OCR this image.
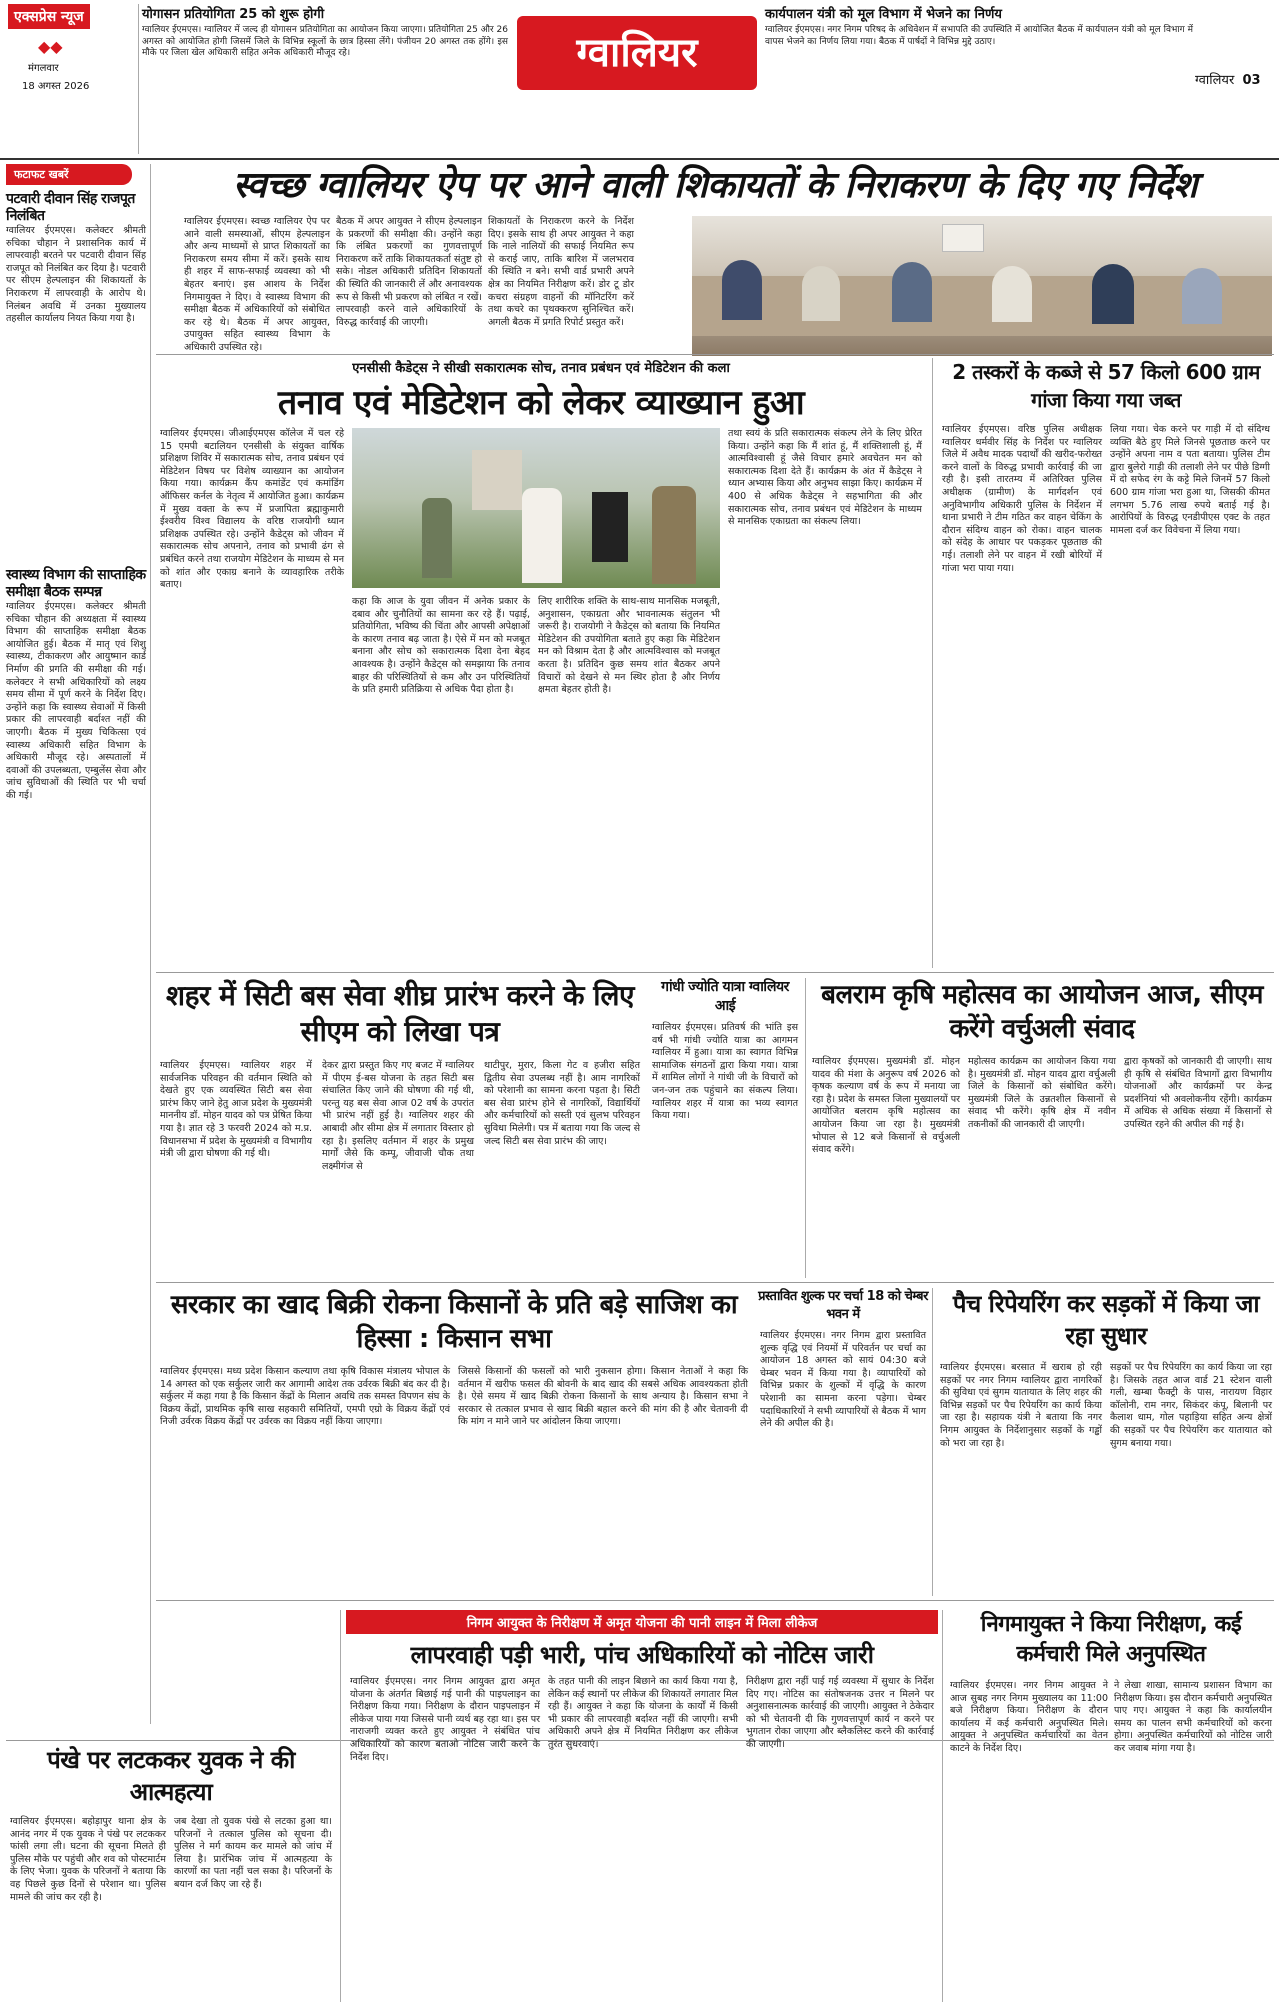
एक्सप्रेस न्यूज
◆◆
मंगलवार
18 अगस्त 2026
योगासन प्रतियोगिता 25 को शुरू होगी
ग्वालियर ईएमएस। ग्वालियर में जल्द ही योगासन प्रतियोगिता का आयोजन किया जाएगा। प्रतियोगिता 25 और 26 अगस्त को आयोजित होगी जिसमें जिले के विभिन्न स्कूलों के छात्र हिस्सा लेंगे। पंजीयन 20 अगस्त तक होंगे। इस मौके पर जिला खेल अधिकारी सहित अनेक अधिकारी मौजूद रहे।	ग्वालियर
कार्यपालन यंत्री को मूल विभाग में भेजने का निर्णय
ग्वालियर ईएमएस। नगर निगम परिषद के अधिवेशन में सभापति की उपस्थिति में आयोजित बैठक में कार्यपालन यंत्री को मूल विभाग में वापस भेजने का निर्णय लिया गया। बैठक में पार्षदों ने विभिन्न मुद्दे उठाए।
ग्वालियर 03
फटाफट खबरें
पटवारी दीवान सिंह राजपूत निलंबित
ग्वालियर ईएमएस। कलेक्टर श्रीमती रुचिका चौहान ने प्रशासनिक कार्य में लापरवाही बरतने पर पटवारी दीवान सिंह राजपूत को निलंबित कर दिया है। पटवारी पर सीएम हेल्पलाइन की शिकायतों के निराकरण में लापरवाही के आरोप थे। निलंबन अवधि में उनका मुख्यालय तहसील कार्यालय नियत किया गया है।
स्वास्थ्य विभाग की साप्ताहिक समीक्षा बैठक सम्पन्न
ग्वालियर ईएमएस। कलेक्टर श्रीमती रुचिका चौहान की अध्यक्षता में स्वास्थ्य विभाग की साप्ताहिक समीक्षा बैठक आयोजित हुई। बैठक में मातृ एवं शिशु स्वास्थ्य, टीकाकरण और आयुष्मान कार्ड निर्माण की प्रगति की समीक्षा की गई। कलेक्टर ने सभी अधिकारियों को लक्ष्य समय सीमा में पूर्ण करने के निर्देश दिए। उन्होंने कहा कि स्वास्थ्य सेवाओं में किसी प्रकार की लापरवाही बर्दाश्त नहीं की जाएगी। बैठक में मुख्य चिकित्सा एवं स्वास्थ्य अधिकारी सहित विभाग के अधिकारी मौजूद रहे। अस्पतालों में दवाओं की उपलब्धता, एम्बुलेंस सेवा और जांच सुविधाओं की स्थिति पर भी चर्चा की गई।
स्वच्छ ग्वालियर ऐप पर आने वाली शिकायतों के निराकरण के दिए गए निर्देश
ग्वालियर ईएमएस। स्वच्छ ग्वालियर ऐप पर आने वाली समस्याओं, सीएम हेल्पलाइन और अन्य माध्यमों से प्राप्त शिकायतों का निराकरण समय सीमा में करें। इसके साथ ही शहर में साफ-सफाई व्यवस्था को भी बेहतर बनाएं। इस आशय के निर्देश निगमायुक्त ने दिए। वे स्वास्थ्य विभाग की समीक्षा बैठक में अधिकारियों को संबोधित कर रहे थे। बैठक में अपर आयुक्त, उपायुक्त सहित स्वास्थ्य विभाग के अधिकारी उपस्थित रहे।
बैठक में अपर आयुक्त ने सीएम हेल्पलाइन के प्रकरणों की समीक्षा की। उन्होंने कहा कि लंबित प्रकरणों का गुणवत्तापूर्ण निराकरण करें ताकि शिकायतकर्ता संतुष्ट हो सके। नोडल अधिकारी प्रतिदिन शिकायतों की स्थिति की जानकारी लें और अनावश्यक रूप से किसी भी प्रकरण को लंबित न रखें। लापरवाही करने वाले अधिकारियों के विरुद्ध कार्रवाई की जाएगी।
शिकायतों के निराकरण करने के निर्देश दिए। इसके साथ ही अपर आयुक्त ने कहा कि नाले नालियों की सफाई नियमित रूप से कराई जाए, ताकि बारिश में जलभराव की स्थिति न बने। सभी वार्ड प्रभारी अपने क्षेत्र का नियमित निरीक्षण करें। डोर टू डोर कचरा संग्रहण वाहनों की मॉनिटरिंग करें तथा कचरे का पृथक्करण सुनिश्चित करें। अगली बैठक में प्रगति रिपोर्ट प्रस्तुत करें।
एनसीसी कैडेट्स ने सीखी सकारात्मक सोच, तनाव प्रबंधन एवं मेडिटेशन की कला
तनाव एवं मेडिटेशन को लेकर व्याख्यान हुआ
ग्वालियर ईएमएस। जीआईएमएस कॉलेज में चल रहे 15 एमपी बटालियन एनसीसी के संयुक्त वार्षिक प्रशिक्षण शिविर में सकारात्मक सोच, तनाव प्रबंधन एवं मेडिटेशन विषय पर विशेष व्याख्यान का आयोजन किया गया। कार्यक्रम कैंप कमांडेंट एवं कमांडिंग ऑफिसर कर्नल के नेतृत्व में आयोजित हुआ। कार्यक्रम में मुख्य वक्ता के रूप में प्रजापिता ब्रह्माकुमारी ईश्वरीय विश्व विद्यालय के वरिष्ठ राजयोगी ध्यान प्रशिक्षक उपस्थित रहे। उन्होंने कैडेट्स को जीवन में सकारात्मक सोच अपनाने, तनाव को प्रभावी ढंग से प्रबंधित करने तथा राजयोग मेडिटेशन के माध्यम से मन को शांत और एकाग्र बनाने के व्यावहारिक तरीके बताए।
कहा कि आज के युवा जीवन में अनेक प्रकार के दबाव और चुनौतियों का सामना कर रहे हैं। पढ़ाई, प्रतियोगिता, भविष्य की चिंता और आपसी अपेक्षाओं के कारण तनाव बढ़ जाता है। ऐसे में मन को मजबूत बनाना और सोच को सकारात्मक दिशा देना बेहद आवश्यक है। उन्होंने कैडेट्स को समझाया कि तनाव बाहर की परिस्थितियों से कम और उन परिस्थितियों के प्रति हमारी प्रतिक्रिया से अधिक पैदा होता है।
लिए शारीरिक शक्ति के साथ-साथ मानसिक मजबूती, अनुशासन, एकाग्रता और भावनात्मक संतुलन भी जरूरी है। राजयोगी ने कैडेट्स को बताया कि नियमित मेडिटेशन की उपयोगिता बताते हुए कहा कि मेडिटेशन मन को विश्राम देता है और आत्मविश्वास को मजबूत करता है। प्रतिदिन कुछ समय शांत बैठकर अपने विचारों को देखने से मन स्थिर होता है और निर्णय क्षमता बेहतर होती है।
तथा स्वयं के प्रति सकारात्मक संकल्प लेने के लिए प्रेरित किया। उन्होंने कहा कि मैं शांत हूं, मैं शक्तिशाली हूं, मैं आत्मविश्वासी हूं जैसे विचार हमारे अवचेतन मन को सकारात्मक दिशा देते हैं। कार्यक्रम के अंत में कैडेट्स ने ध्यान अभ्यास किया और अनुभव साझा किए। कार्यक्रम में 400 से अधिक कैडेट्स ने सहभागिता की और सकारात्मक सोच, तनाव प्रबंधन एवं मेडिटेशन के माध्यम से मानसिक एकाग्रता का संकल्प लिया।
2 तस्करों के कब्जे से 57 किलो 600 ग्राम गांजा किया गया जब्त
ग्वालियर ईएमएस। वरिष्ठ पुलिस अधीक्षक ग्वालियर धर्मवीर सिंह के निर्देश पर ग्वालियर जिले में अवैध मादक पदार्थों की खरीद-फरोख्त करने वालों के विरुद्ध प्रभावी कार्रवाई की जा रही है। इसी तारतम्य में अतिरिक्त पुलिस अधीक्षक (ग्रामीण) के मार्गदर्शन एवं अनुविभागीय अधिकारी पुलिस के निर्देशन में थाना प्रभारी ने टीम गठित कर वाहन चेकिंग के दौरान संदिग्ध वाहन को रोका। वाहन चालक को संदेह के आधार पर पकड़कर पूछताछ की गई। तलाशी लेने पर वाहन में रखी बोरियों में गांजा भरा पाया गया।
लिया गया। चेक करने पर गाड़ी में दो संदिग्ध व्यक्ति बैठे हुए मिले जिनसे पूछताछ करने पर उन्होंने अपना नाम व पता बताया। पुलिस टीम द्वारा बुलेरो गाड़ी की तलाशी लेने पर पीछे डिग्गी में दो सफेद रंग के कट्टे मिले जिनमें 57 किलो 600 ग्राम गांजा भरा हुआ था, जिसकी कीमत लगभग 5.76 लाख रुपये बताई गई है। आरोपियों के विरुद्ध एनडीपीएस एक्ट के तहत मामला दर्ज कर विवेचना में लिया गया।
शहर में सिटी बस सेवा शीघ्र प्रारंभ करने के लिए सीएम को लिखा पत्र
ग्वालियर ईएमएस। ग्वालियर शहर में सार्वजनिक परिवहन की वर्तमान स्थिति को देखते हुए एक व्यवस्थित सिटी बस सेवा प्रारंभ किए जाने हेतु आज प्रदेश के मुख्यमंत्री माननीय डॉ. मोहन यादव को पत्र प्रेषित किया गया है। ज्ञात रहे 3 फरवरी 2024 को म.प्र. विधानसभा में प्रदेश के मुख्यमंत्री व विभागीय मंत्री जी द्वारा घोषणा की गई थी।
देकर द्वारा प्रस्तुत किए गए बजट में ग्वालियर में पीएम ई-बस योजना के तहत सिटी बस संचालित किए जाने की घोषणा की गई थी, परन्तु यह बस सेवा आज 02 वर्ष के उपरांत भी प्रारंभ नहीं हुई है। ग्वालियर शहर की आबादी और सीमा क्षेत्र में लगातार विस्तार हो रहा है। इसलिए वर्तमान में शहर के प्रमुख मार्गों जैसे कि कम्पू, जीवाजी चौक तथा लक्ष्मीगंज से
थाटीपुर, मुरार, किला गेट व हजीरा सहित द्वितीय सेवा उपलब्ध नहीं है। आम नागरिकों को परेशानी का सामना करना पड़ता है। सिटी बस सेवा प्रारंभ होने से नागरिकों, विद्यार्थियों और कर्मचारियों को सस्ती एवं सुलभ परिवहन सुविधा मिलेगी। पत्र में बताया गया कि जल्द से जल्द सिटी बस सेवा प्रारंभ की जाए।
गांधी ज्योति यात्रा ग्वालियर आई
ग्वालियर ईएमएस। प्रतिवर्ष की भांति इस वर्ष भी गांधी ज्योति यात्रा का आगमन ग्वालियर में हुआ। यात्रा का स्वागत विभिन्न सामाजिक संगठनों द्वारा किया गया। यात्रा में शामिल लोगों ने गांधी जी के विचारों को जन-जन तक पहुंचाने का संकल्प लिया। ग्वालियर शहर में यात्रा का भव्य स्वागत किया गया।
बलराम कृषि महोत्सव का आयोजन आज, सीएम करेंगे वर्चुअली संवाद
ग्वालियर ईएमएस। मुख्यमंत्री डॉ. मोहन यादव की मंशा के अनुरूप वर्ष 2026 को कृषक कल्याण वर्ष के रूप में मनाया जा रहा है। प्रदेश के समस्त जिला मुख्यालयों पर आयोजित बलराम कृषि महोत्सव का आयोजन किया जा रहा है। मुख्यमंत्री भोपाल से 12 बजे किसानों से वर्चुअली संवाद करेंगे।
महोत्सव कार्यक्रम का आयोजन किया गया है। मुख्यमंत्री डॉ. मोहन यादव द्वारा वर्चुअली जिले के किसानों को संबोधित करेंगे। मुख्यमंत्री जिले के उन्नतशील किसानों से संवाद भी करेंगे। कृषि क्षेत्र में नवीन तकनीकों की जानकारी दी जाएगी।
द्वारा कृषकों को जानकारी दी जाएगी। साथ ही कृषि से संबंधित विभागों द्वारा विभागीय योजनाओं और कार्यक्रमों पर केन्द्र प्रदर्शनियां भी अवलोकनीय रहेंगी। कार्यक्रम में अधिक से अधिक संख्या में किसानों से उपस्थित रहने की अपील की गई है।
सरकार का खाद बिक्री रोकना किसानों के प्रति बड़े साजिश का हिस्सा : किसान सभा
ग्वालियर ईएमएस। मध्य प्रदेश किसान कल्याण तथा कृषि विकास मंत्रालय भोपाल के 14 अगस्त को एक सर्कुलर जारी कर आगामी आदेश तक उर्वरक बिक्री बंद कर दी है। सर्कुलर में कहा गया है कि किसान केंद्रों के मिलान अवधि तक समस्त विपणन संघ के विक्रय केंद्रों, प्राथमिक कृषि साख सहकारी समितियों, एमपी एग्रो के विक्रय केंद्रों एवं निजी उर्वरक विक्रय केंद्रों पर उर्वरक का विक्रय नहीं किया जाएगा।
जिससे किसानों की फसलों को भारी नुकसान होगा। किसान नेताओं ने कहा कि वर्तमान में खरीफ फसल की बोवनी के बाद खाद की सबसे अधिक आवश्यकता होती है। ऐसे समय में खाद बिक्री रोकना किसानों के साथ अन्याय है। किसान सभा ने सरकार से तत्काल प्रभाव से खाद बिक्री बहाल करने की मांग की है और चेतावनी दी कि मांग न माने जाने पर आंदोलन किया जाएगा।
प्रस्तावित शुल्क पर चर्चा 18 को चेम्बर भवन में
ग्वालियर ईएमएस। नगर निगम द्वारा प्रस्तावित शुल्क वृद्धि एवं नियमों में परिवर्तन पर चर्चा का आयोजन 18 अगस्त को सायं 04:30 बजे चेम्बर भवन में किया गया है। व्यापारियों को विभिन्न प्रकार के शुल्कों में वृद्धि के कारण परेशानी का सामना करना पड़ेगा। चेम्बर पदाधिकारियों ने सभी व्यापारियों से बैठक में भाग लेने की अपील की है।
पैच रिपेयरिंग कर सड़कों में किया जा रहा सुधार
ग्वालियर ईएमएस। बरसात में खराब हो रही सड़कों पर नगर निगम ग्वालियर द्वारा नागरिकों की सुविधा एवं सुगम यातायात के लिए शहर की विभिन्न सड़कों पर पैच रिपेयरिंग का कार्य किया जा रहा है। सहायक यंत्री ने बताया कि नगर निगम आयुक्त के निर्देशानुसार सड़कों के गड्ढों को भरा जा रहा है।
सड़कों पर पैच रिपेयरिंग का कार्य किया जा रहा है। जिसके तहत आज वार्ड 21 स्टेशन वाली गली, खम्बा फैक्ट्री के पास, नारायण विहार कॉलोनी, राम नगर, सिकंदर कंपू, बिलानी पर कैलाश धाम, गोल पहाड़िया सहित अन्य क्षेत्रों की सड़कों पर पैच रिपेयरिंग कर यातायात को सुगम बनाया गया।
पंखे पर लटककर युवक ने की आत्महत्या
ग्वालियर ईएमएस। बहोड़ापुर थाना क्षेत्र के आनंद नगर में एक युवक ने पंखे पर लटककर फांसी लगा ली। घटना की सूचना मिलते ही पुलिस मौके पर पहुंची और शव को पोस्टमार्टम के लिए भेजा। युवक के परिजनों ने बताया कि वह पिछले कुछ दिनों से परेशान था। पुलिस मामले की जांच कर रही है।
जब देखा तो युवक पंखे से लटका हुआ था। परिजनों ने तत्काल पुलिस को सूचना दी। पुलिस ने मर्ग कायम कर मामले को जांच में लिया है। प्रारंभिक जांच में आत्महत्या के कारणों का पता नहीं चल सका है। परिजनों के बयान दर्ज किए जा रहे हैं।
निगम आयुक्त के निरीक्षण में अमृत योजना की पानी लाइन में मिला लीकेज
लापरवाही पड़ी भारी, पांच अधिकारियों को नोटिस जारी
ग्वालियर ईएमएस। नगर निगम आयुक्त द्वारा अमृत योजना के अंतर्गत बिछाई गई पानी की पाइपलाइन का निरीक्षण किया गया। निरीक्षण के दौरान पाइपलाइन में लीकेज पाया गया जिससे पानी व्यर्थ बह रहा था। इस पर नाराजगी व्यक्त करते हुए आयुक्त ने संबंधित पांच अधिकारियों को कारण बताओ नोटिस जारी करने के निर्देश दिए।
के तहत पानी की लाइन बिछाने का कार्य किया गया है, लेकिन कई स्थानों पर लीकेज की शिकायतें लगातार मिल रही हैं। आयुक्त ने कहा कि योजना के कार्यों में किसी भी प्रकार की लापरवाही बर्दाश्त नहीं की जाएगी। सभी अधिकारी अपने क्षेत्र में नियमित निरीक्षण कर लीकेज तुरंत सुधरवाएं।
निरीक्षण द्वारा नहीं पाई गई व्यवस्था में सुधार के निर्देश दिए गए। नोटिस का संतोषजनक उत्तर न मिलने पर अनुशासनात्मक कार्रवाई की जाएगी। आयुक्त ने ठेकेदार को भी चेतावनी दी कि गुणवत्तापूर्ण कार्य न करने पर भुगतान रोका जाएगा और ब्लैकलिस्ट करने की कार्रवाई की जाएगी।
निगमायुक्त ने किया निरीक्षण, कई कर्मचारी मिले अनुपस्थित
ग्वालियर ईएमएस। नगर निगम आयुक्त ने आज सुबह नगर निगम मुख्यालय का 11:00 बजे निरीक्षण किया। निरीक्षण के दौरान कार्यालय में कई कर्मचारी अनुपस्थित मिले। आयुक्त ने अनुपस्थित कर्मचारियों का वेतन काटने के निर्देश दिए।
ने लेखा शाखा, सामान्य प्रशासन विभाग का निरीक्षण किया। इस दौरान कर्मचारी अनुपस्थित पाए गए। आयुक्त ने कहा कि कार्यालयीन समय का पालन सभी कर्मचारियों को करना होगा। अनुपस्थित कर्मचारियों को नोटिस जारी कर जवाब मांगा गया है।
